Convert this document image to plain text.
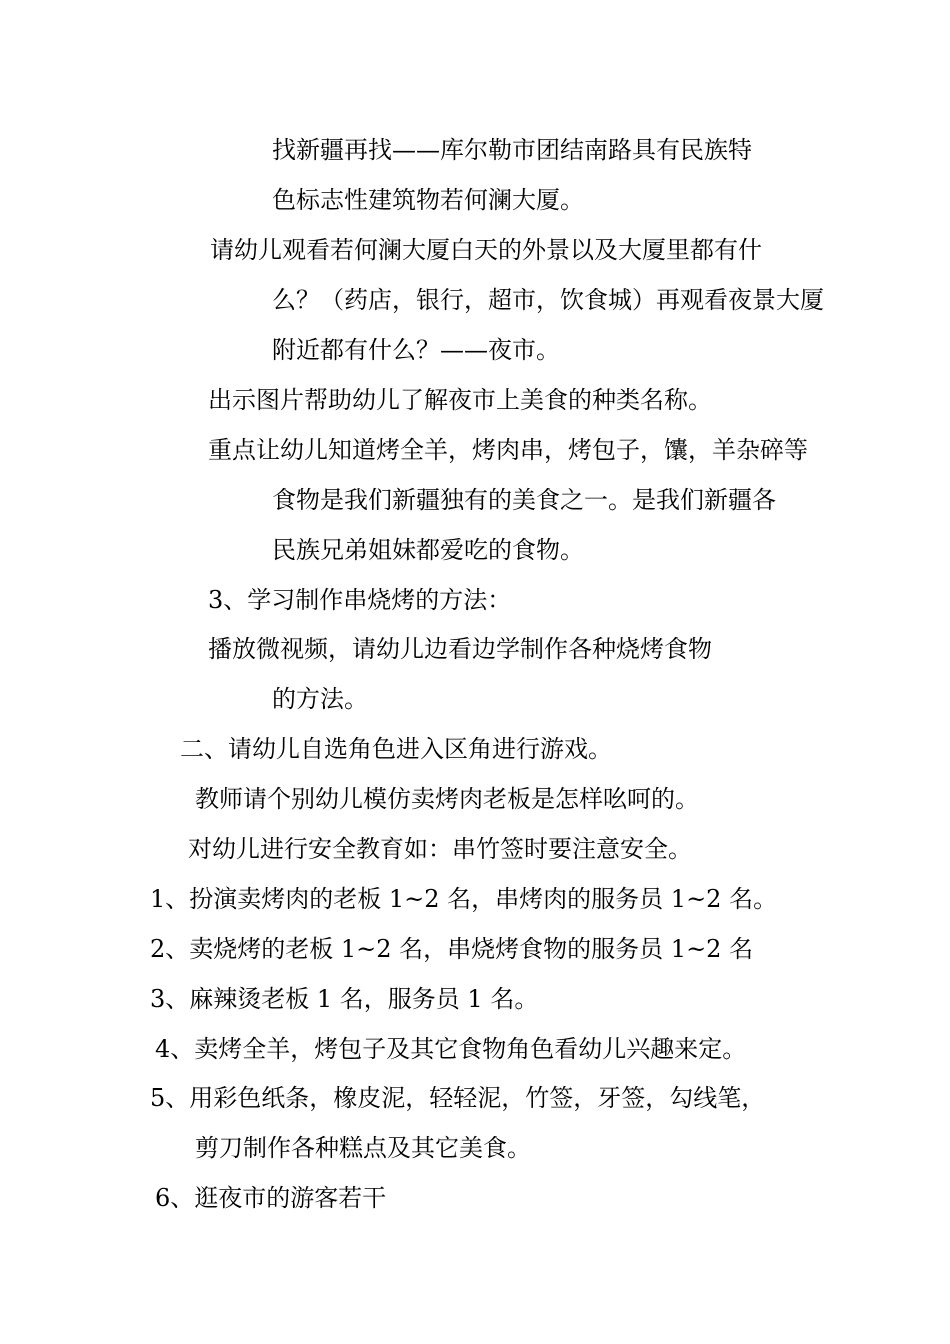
找新疆再找——库尔勒市团结南路具有民族特
色标志性建筑物若何澜大厦。
请幼儿观看若何澜大厦白天的外景以及大厦里都有什
么？（药店，银行，超市，饮食城）再观看夜景大厦
附近都有什么？——夜市。
出示图片帮助幼儿了解夜市上美食的种类名称。
重点让幼儿知道烤全羊，烤肉串，烤包子，馕，羊杂碎等
食物是我们新疆独有的美食之一。是我们新疆各
民族兄弟姐妹都爱吃的食物。
3、学习制作串烧烤的方法：
播放微视频，请幼儿边看边学制作各种烧烤食物
的方法。
二、请幼儿自选角色进入区角进行游戏。
教师请个别幼儿模仿卖烤肉老板是怎样吆呵的。
对幼儿进行安全教育如：串竹签时要注意安全。
1、扮演卖烤肉的老板 1~2 名，串烤肉的服务员 1~2 名。
2、卖烧烤的老板 1~2 名，串烧烤食物的服务员 1~2 名
3、麻辣烫老板 1 名，服务员 1 名。
4、卖烤全羊，烤包子及其它食物角色看幼儿兴趣来定。
5、用彩色纸条，橡皮泥，轻轻泥，竹签，牙签，勾线笔，
剪刀制作各种糕点及其它美食。
6、逛夜市的游客若干
